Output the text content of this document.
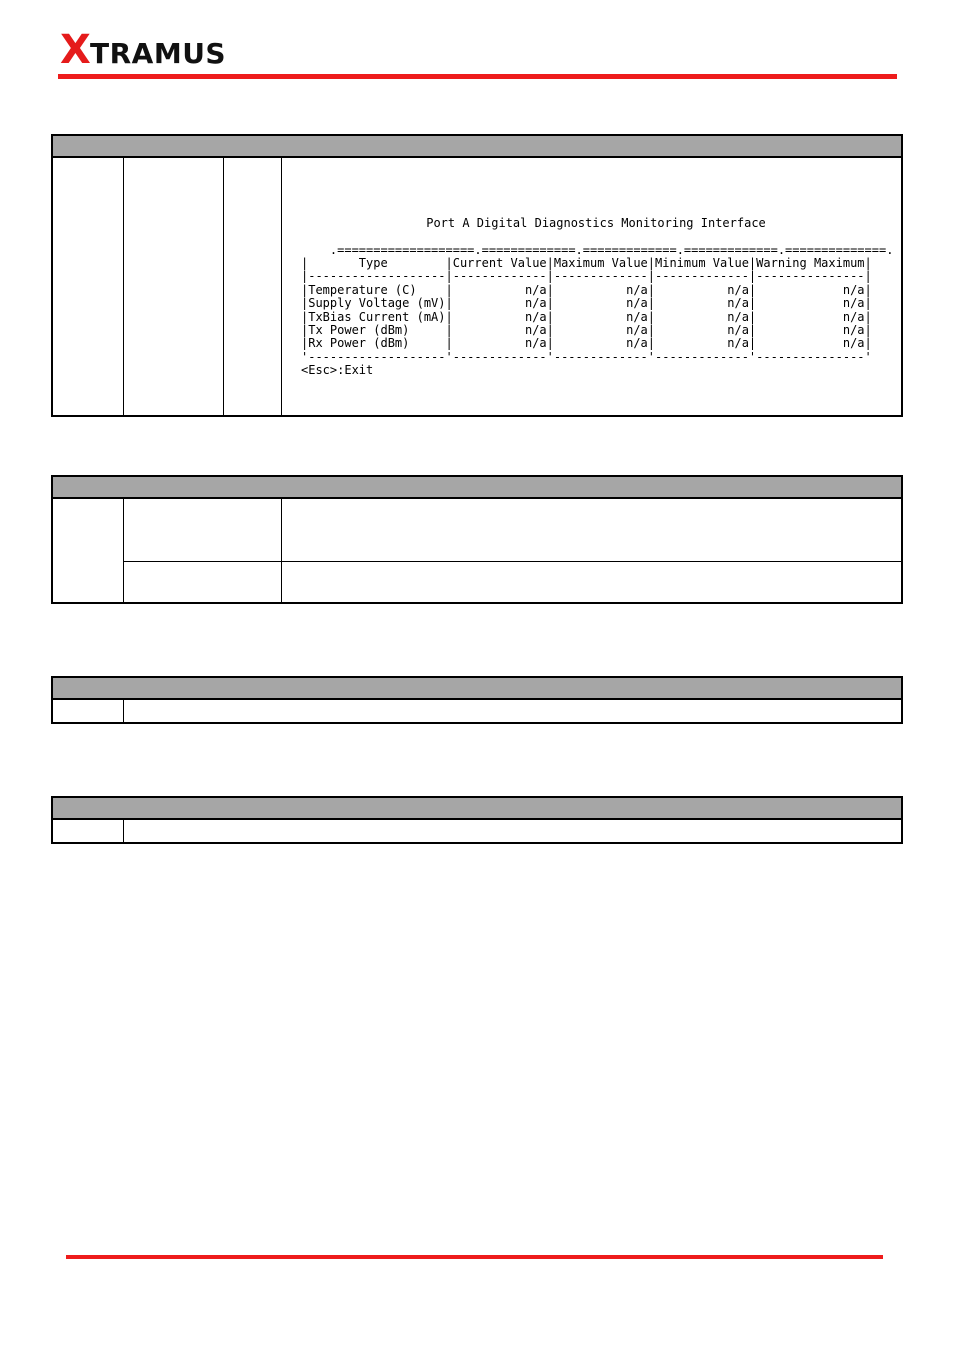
X TRAMUS

Port A Digital Diagnostics Monitoring Interface

.===================.=============.=============.=============.==============.
|       Type        |Current Value|Maximum Value|Minimum Value|Warning Maximum|
|-------------------|-------------|-------------|-------------|---------------|
|Temperature (C)    |          n/a|          n/a|          n/a|            n/a|
|Supply Voltage (mV)|          n/a|          n/a|          n/a|            n/a|
|TxBias Current (mA)|          n/a|          n/a|          n/a|            n/a|
|Tx Power (dBm)     |          n/a|          n/a|          n/a|            n/a|
|Rx Power (dBm)     |          n/a|          n/a|          n/a|            n/a|
'-------------------'-------------'-------------'-------------'---------------'
<Esc>:Exit
